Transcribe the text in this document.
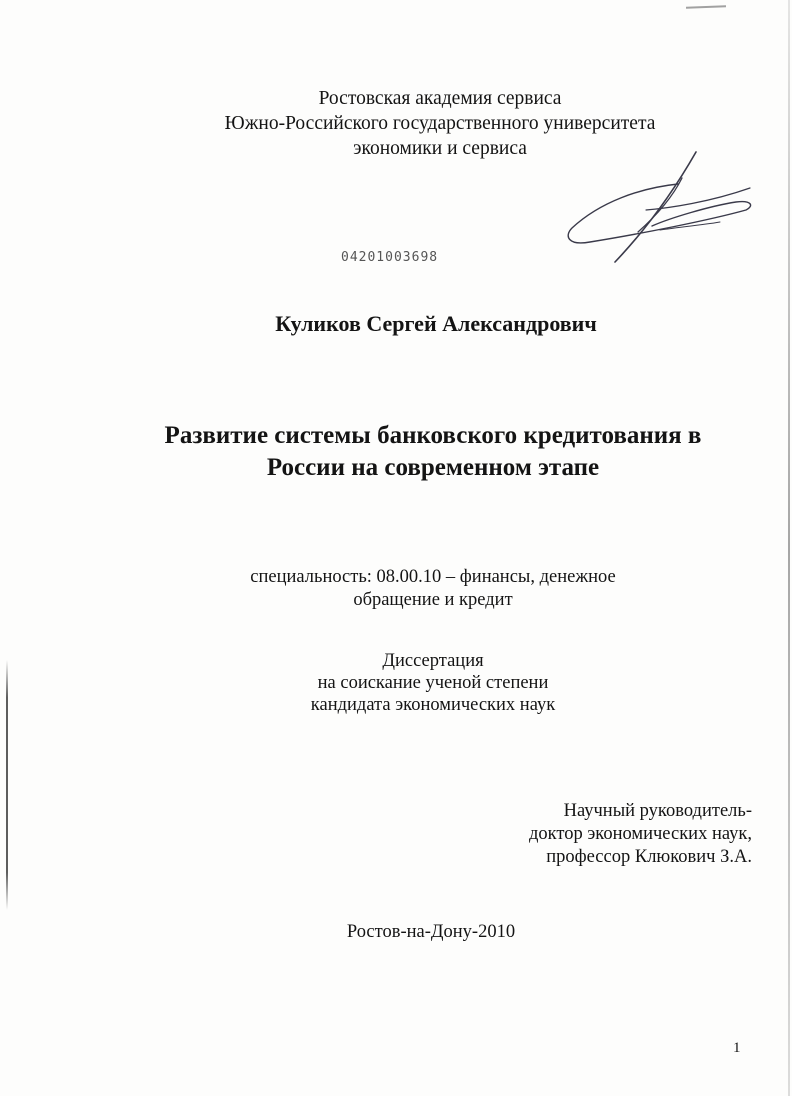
Ростовская академия сервиса
Южно-Российского государственного университета
экономики и сервиса
04201003698
Куликов Сергей Александрович
Развитие системы банковского кредитования в
России на современном этапе
специальность: 08.00.10 – финансы, денежное
обращение и кредит
Диссертация
на соискание ученой степени
кандидата экономических наук
Научный руководитель-
доктор экономических наук,
профессор Клюкович З.А.
Ростов-на-Дону-2010
1
